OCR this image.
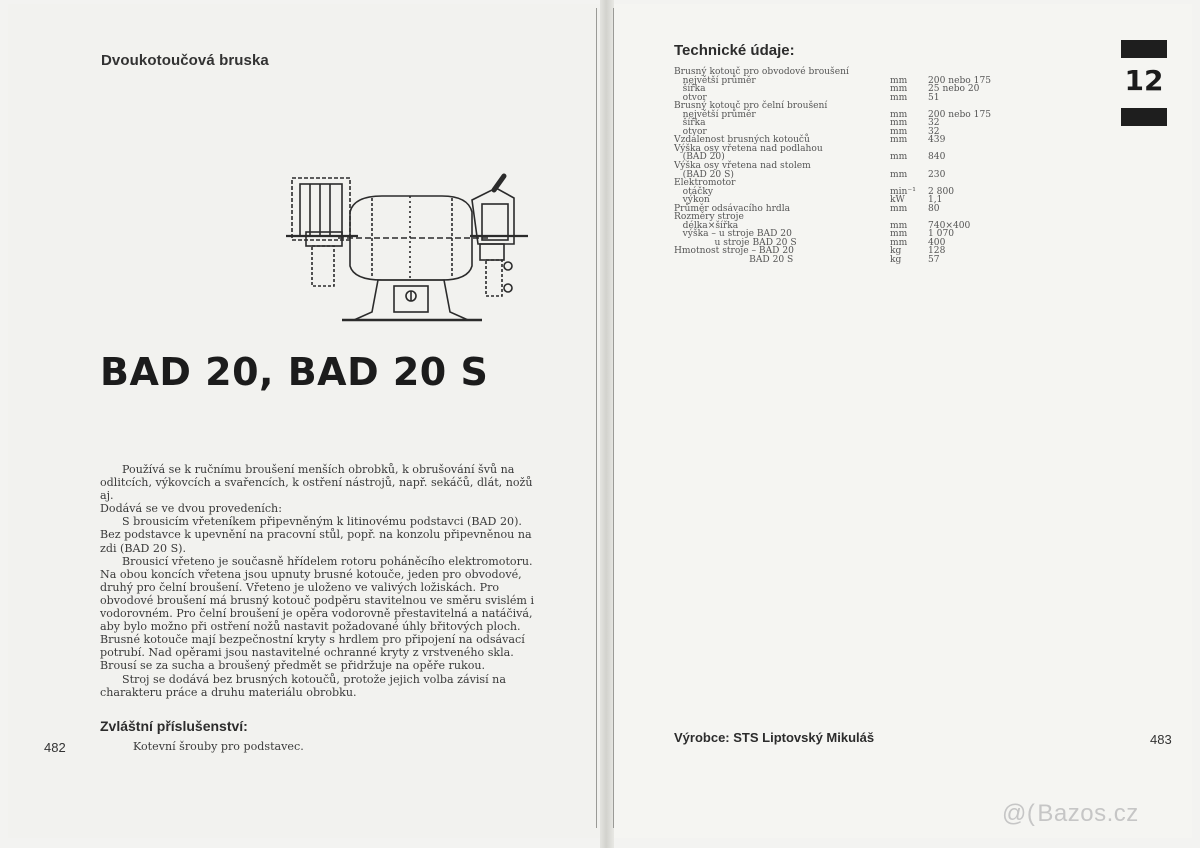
Dvoukotoučová bruska
BAD 20, BAD 20 S

Používá se k ručnímu broušení menších obrobků, k obrušování švů na odlitcích, výkovcích a svařencích, k ostření nástrojů, např. sekáčů, dlát, nožů aj.

Dodává se ve dvou provedeních:

S brousicím vřeteníkem připevněným k litinovému podstavci (BAD 20). Bez podstavce k upevnění na pracovní stůl, popř. na konzolu připevněnou na zdi (BAD 20 S).

Brousicí vřeteno je současně hřídelem rotoru poháněcího elektromotoru. Na obou koncích vřetena jsou upnuty brusné kotouče, jeden pro obvodové, druhý pro čelní broušení. Vřeteno je uloženo ve valivých ložiskách. Pro obvodové broušení má brusný kotouč podpěru stavitelnou ve směru svislém i vodorovném. Pro čelní broušení je opěra vodorovně přestavitelná a natáčivá, aby bylo možno při ostření nožů nastavit požadované úhly břitových ploch. Brusné kotouče mají bezpečnostní kryty s hrdlem pro připojení na odsávací potrubí. Nad opěrami jsou nastavitelné ochranné kryty z vrstveného skla. Brousí se za sucha a broušený předmět se přidržuje na opěře rukou.

Stroj se dodává bez brusných kotoučů, protože jejich volba závisí na charakteru práce a druhu materiálu obrobku.

Zvláštní příslušenství:
Kotevní šrouby pro podstavec.
482
Technické údaje:
12
Brusný kotouč pro obvodové broušení
největší průměr	mm	200 nebo 175
šířka	mm	25 nebo 20
otvor	mm	51
Brusný kotouč pro čelní broušení
největší průměr	mm	200 nebo 175
šířka	mm	32
otvor	mm	32
Vzdálenost brusných kotoučů	mm	439
Výška osy vřetena nad podlahou
(BAD 20)	mm	840
Výška osy vřetena nad stolem
(BAD 20 S)	mm	230
Elektromotor
otáčky	min⁻¹	2 800
výkon	kW	1,1
Průměr odsávacího hrdla	mm	80
Rozměry stroje
délka×šířka	mm	740×400
výška – u stroje BAD 20	mm	1 070
u stroje BAD 20 S	mm	400
Hmotnost stroje – BAD 20	kg	128
BAD 20 S	kg	57
Výrobce: STS Liptovský Mikuláš	483
@(Bazos.cz
